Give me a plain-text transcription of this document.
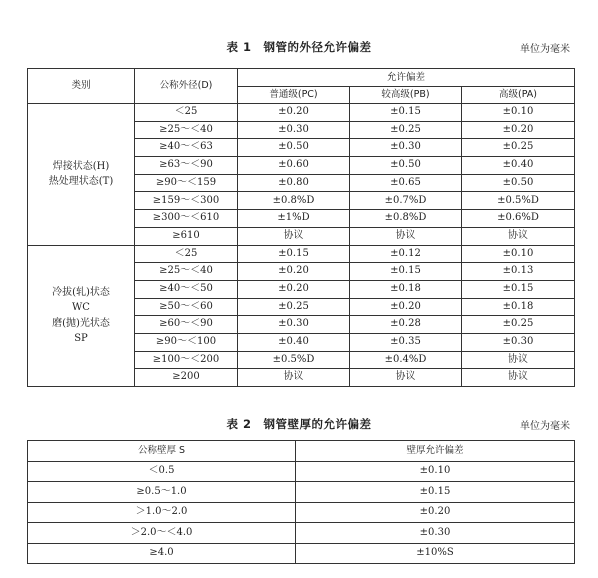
表 1　钢管的外径允许偏差	单位为毫米
类别	公称外径(D)	允许偏差		
		普通级(PC)	较高级(PB)	高级(PA)

焊接状态(H)
热处理状态(T)	＜25	±0.20	±0.15	±0.10
	≥25～＜40	±0.30	±0.25	±0.20
	≥40～＜63	±0.50	±0.30	±0.25
	≥63～＜90	±0.60	±0.50	±0.40
	≥90～＜159	±0.80	±0.65	±0.50
	≥159～＜300	±0.8%D	±0.7%D	±0.5%D
	≥300～＜610	±1%D	±0.8%D	±0.6%D
	≥610	协议	协议	协议

冷拔(轧)状态
WC
磨(抛)光状态
SP	＜25	±0.15	±0.12	±0.10
	≥25～＜40	±0.20	±0.15	±0.13
	≥40～＜50	±0.20	±0.18	±0.15
	≥50～＜60	±0.25	±0.20	±0.18
	≥60～＜90	±0.30	±0.28	±0.25
	≥90～＜100	±0.40	±0.35	±0.30
	≥100～＜200	±0.5%D	±0.4%D	协议
	≥200	协议	协议	协议
表 2　钢管壁厚的允许偏差	单位为毫米
公称壁厚 S	壁厚允许偏差
＜0.5	±0.10
≥0.5～1.0	±0.15
＞1.0～2.0	±0.20
＞2.0～＜4.0	±0.30
≥4.0	±10%S
